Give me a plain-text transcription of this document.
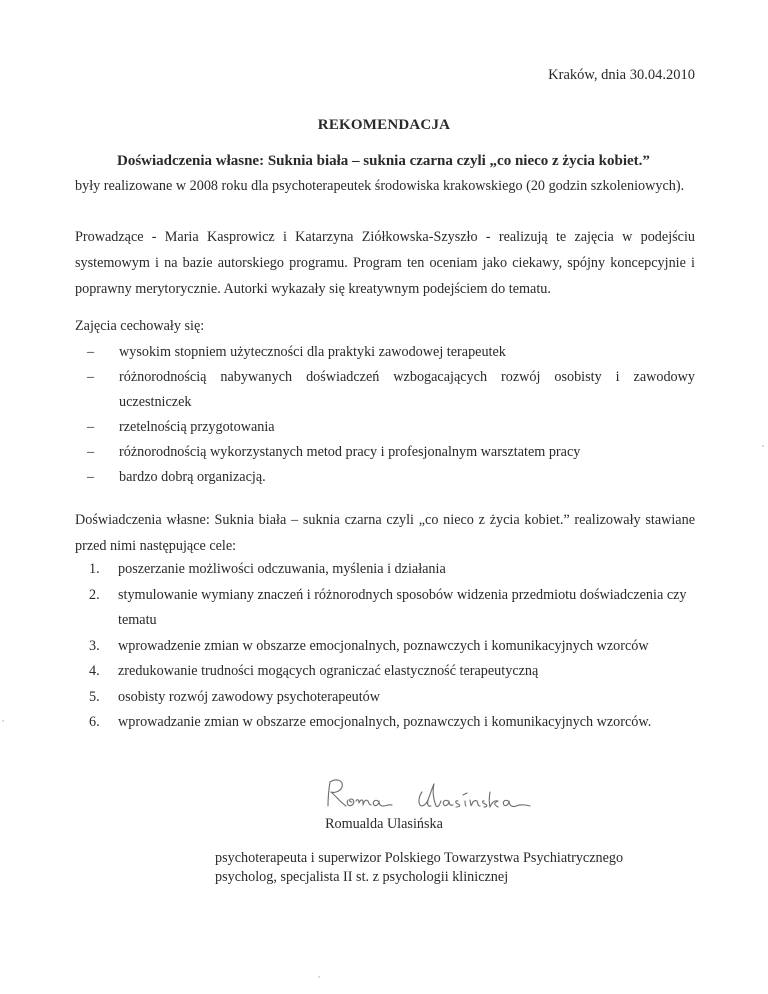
Kraków, dnia 30.04.2010
REKOMENDACJA
Doświadczenia własne: Suknia biała – suknia czarna czyli „co nieco z życia kobiet.”
były realizowane w 2008 roku dla psychoterapeutek środowiska krakowskiego (20 godzin szkoleniowych).
Prowadzące - Maria Kasprowicz i Katarzyna Ziółkowska-Szyszło - realizują te zajęcia w podejściu systemowym i na bazie autorskiego programu. Program ten oceniam jako ciekawy, spójny koncepcyjnie i poprawny merytorycznie. Autorki wykazały się kreatywnym podejściem do tematu.
Zajęcia cechowały się:
– wysokim stopniem użyteczności dla praktyki zawodowej terapeutek
– różnorodnością nabywanych doświadczeń wzbogacających rozwój osobisty i zawodowy uczestniczek
– rzetelnością przygotowania
– różnorodnością wykorzystanych metod pracy i profesjonalnym warsztatem pracy
– bardzo dobrą organizacją.
Doświadczenia własne: Suknia biała – suknia czarna czyli „co nieco z życia kobiet.” realizowały stawiane przed nimi następujące cele:
1. poszerzanie możliwości odczuwania, myślenia i działania
2. stymulowanie wymiany znaczeń i różnorodnych sposobów widzenia przedmiotu doświadczenia czy tematu
3. wprowadzenie zmian w obszarze emocjonalnych, poznawczych i komunikacyjnych wzorców
4. zredukowanie trudności mogących ograniczać elastyczność terapeutyczną
5. osobisty rozwój zawodowy psychoterapeutów
6. wprowadzanie zmian w obszarze emocjonalnych, poznawczych i komunikacyjnych wzorców.
Romualda Ulasińska
psychoterapeuta i superwizor Polskiego Towarzystwa Psychiatrycznego
psycholog, specjalista II st. z psychologii klinicznej
